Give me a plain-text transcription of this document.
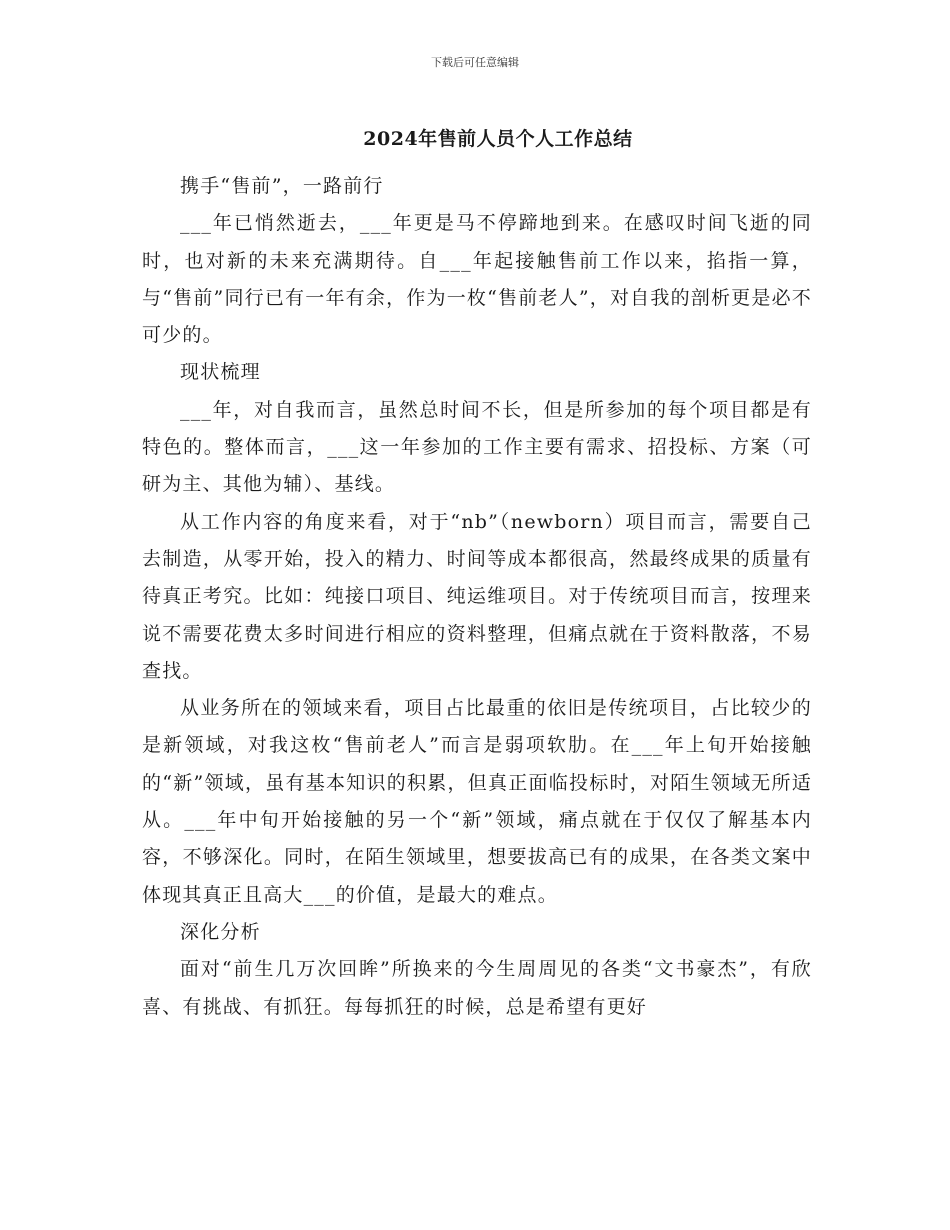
下载后可任意编辑
2024年售前人员个人工作总结

携手“售前”，一路前行

___年已悄然逝去，___年更是马不停蹄地到来。在感叹时间飞逝的同时，也对新的未来充满期待。自___年起接触售前工作以来，掐指一算，与“售前”同行已有一年有余，作为一枚“售前老人”，对自我的剖析更是必不可少的。

现状梳理

___年，对自我而言，虽然总时间不长，但是所参加的每个项目都是有特色的。整体而言，___这一年参加的工作主要有需求、招投标、方案（可研为主、其他为辅）、基线。

从工作内容的角度来看，对于“nb”（newborn）项目而言，需要自己去制造，从零开始，投入的精力、时间等成本都很高，然最终成果的质量有待真正考究。比如：纯接口项目、纯运维项目。对于传统项目而言，按理来说不需要花费太多时间进行相应的资料整理，但痛点就在于资料散落，不易查找。

从业务所在的领域来看，项目占比最重的依旧是传统项目，占比较少的是新领域，对我这枚“售前老人”而言是弱项软肋。在___年上旬开始接触的“新”领域，虽有基本知识的积累，但真正面临投标时，对陌生领域无所适从。___年中旬开始接触的另一个“新”领域，痛点就在于仅仅了解基本内容，不够深化。同时，在陌生领域里，想要拔高已有的成果，在各类文案中体现其真正且高大___的价值，是最大的难点。

深化分析

面对“前生几万次回眸”所换来的今生周周见的各类“文书豪杰”，有欣喜、有挑战、有抓狂。每每抓狂的时候，总是希望有更好
